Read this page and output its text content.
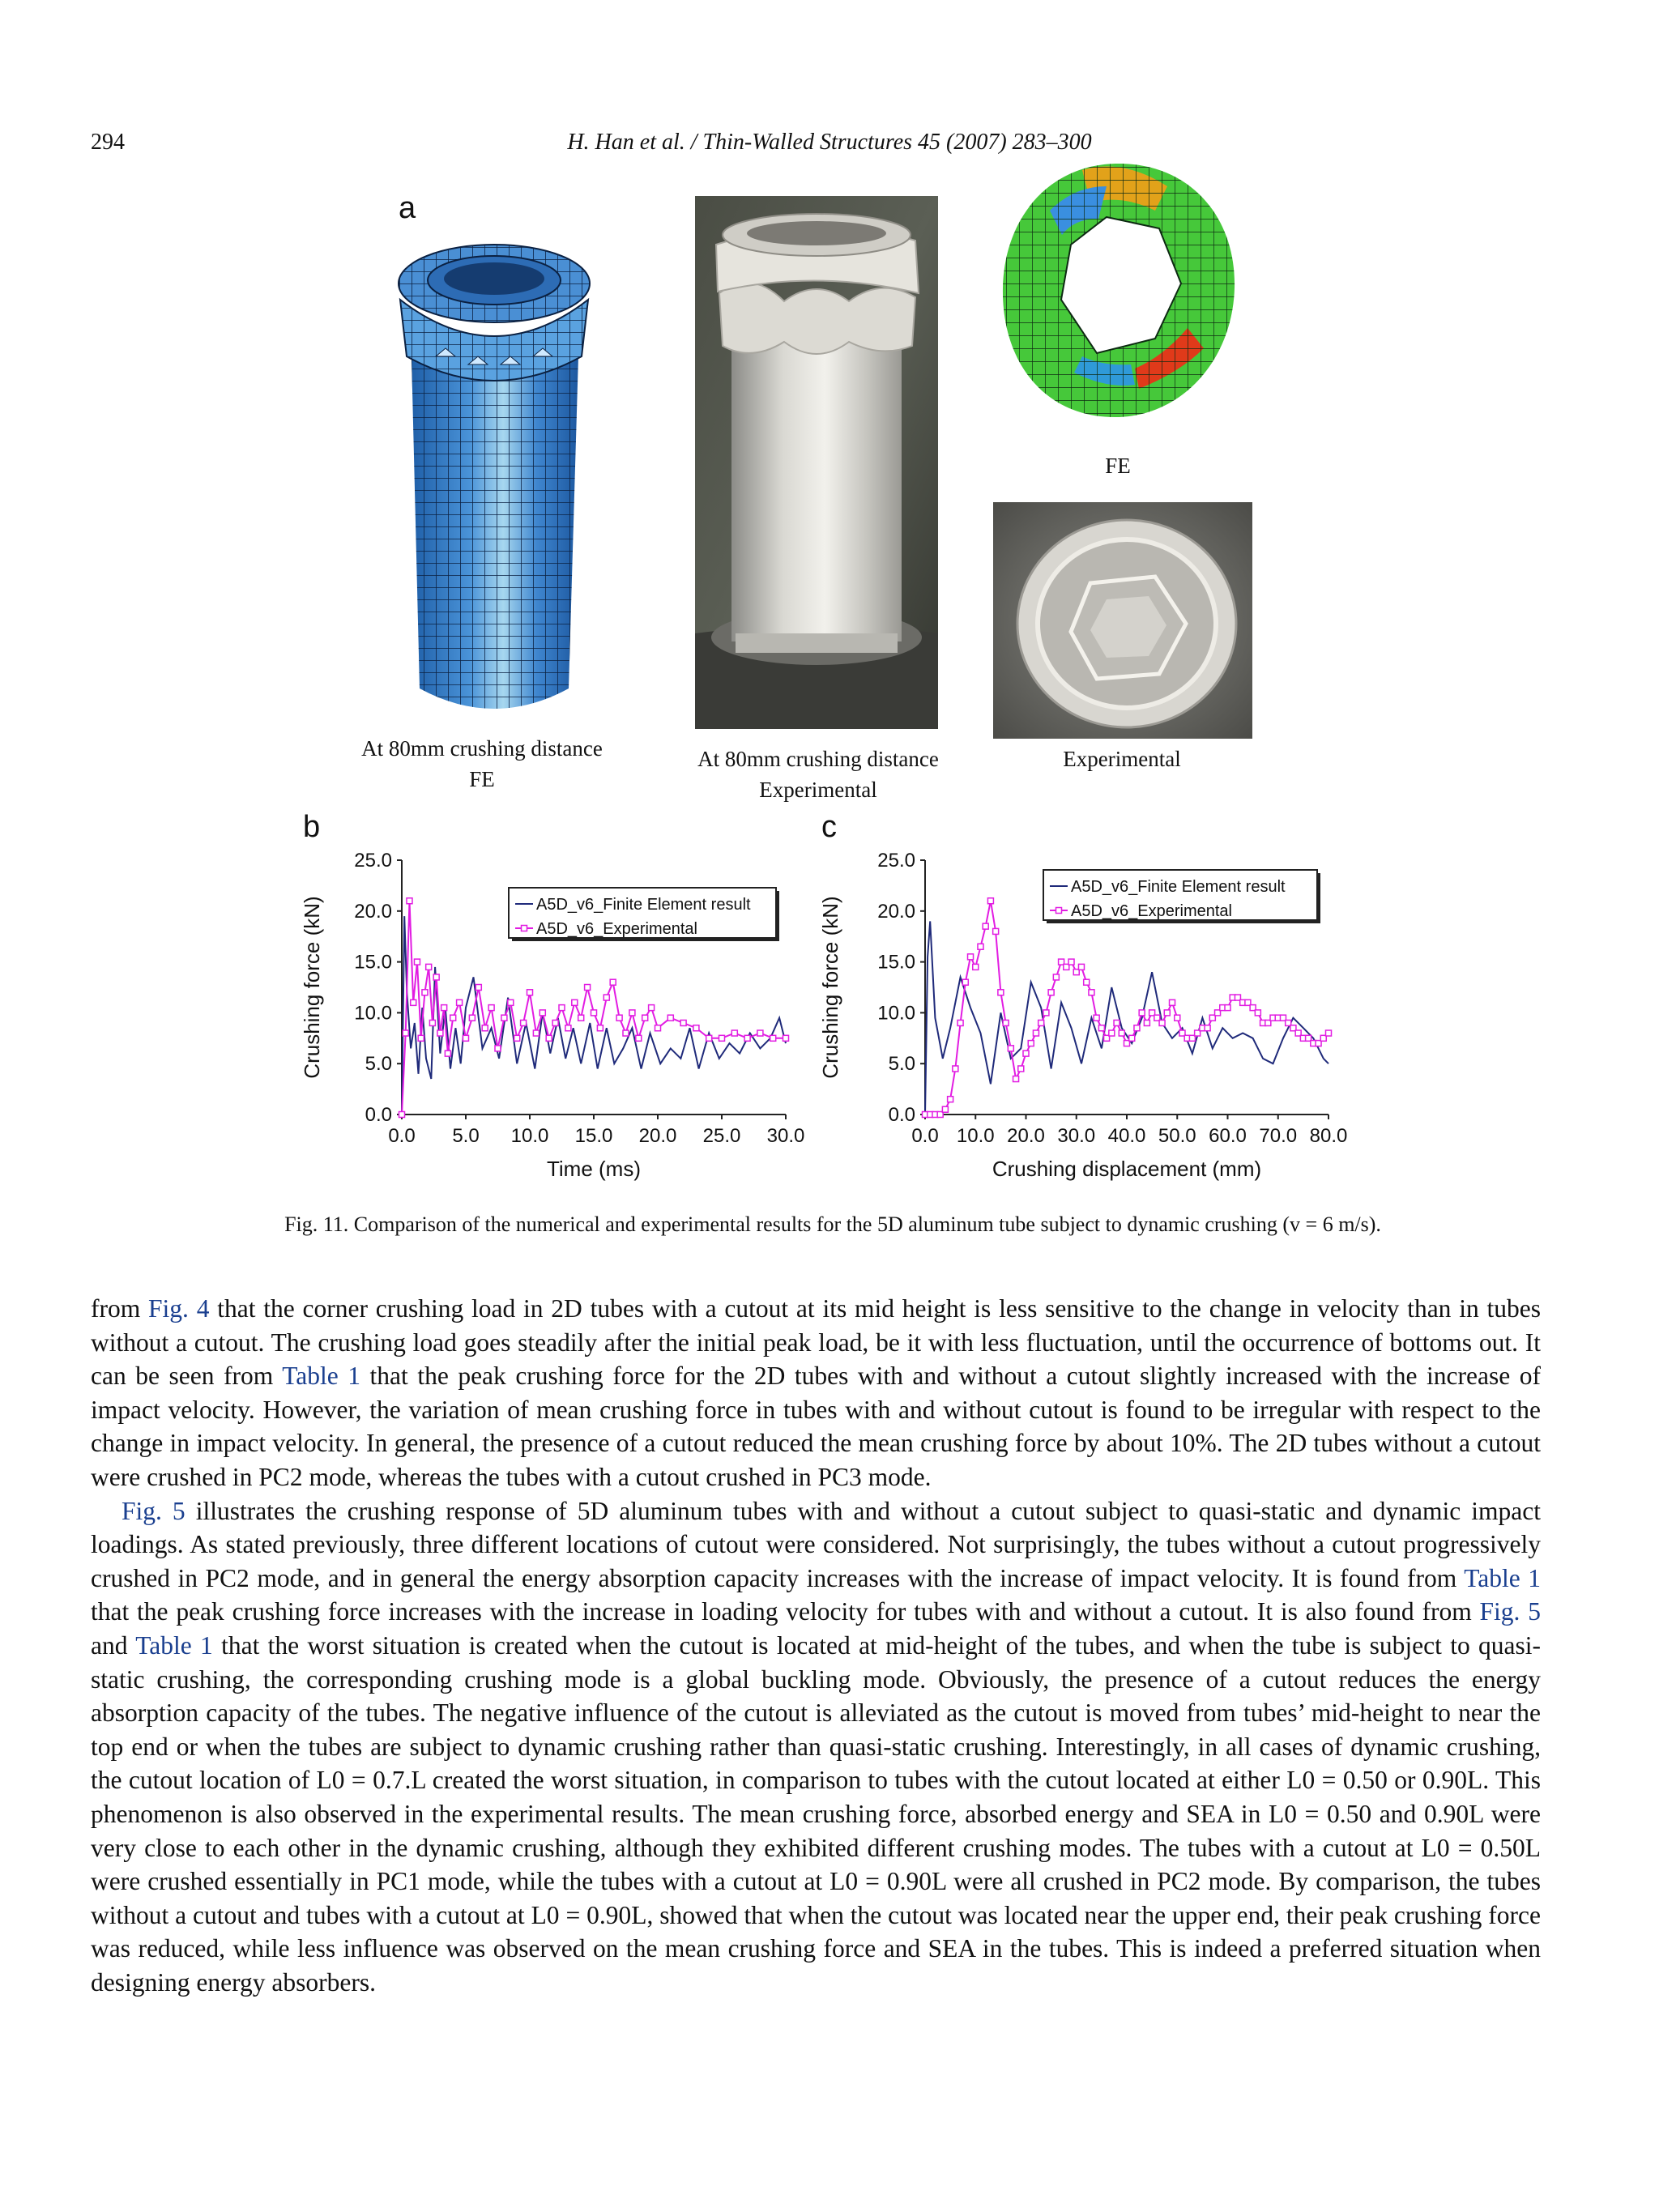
294	H. Han et al. / Thin-Walled Structures 45 (2007) 283–300
a
At 80mm crushing distance
FE
At 80mm crushing distance
Experimental
FE
Experimental
b	c
0.0
5.0
10.0
15.0
20.0
25.0
0.0 5.0 10.0 15.0 20.0 25.0 30.0
Time (ms)
Crushing force (kN)	A5D_v6_Finite Element result
A5D_v6_Experimental
0.0
5.0
10.0
15.0
20.0
25.0
0.0 10.0 20.0 30.0 40.0 50.0 60.0 70.0 80.0
Crushing displacement (mm)
Crushing force (kN)
A5D_v6_Finite Element result
A5D_v6_Experimental
Fig. 11. Comparison of the numerical and experimental results for the 5D aluminum tube subject to dynamic crushing (v = 6 m/s).

from Fig. 4 that the corner crushing load in 2D tubes with a cutout at its mid height is less sensitive to the change in velocity than in tubes without a cutout. The crushing load goes steadily after the initial peak load, be it with less fluctuation, until the occurrence of bottoms out. It can be seen from Table 1 that the peak crushing force for the 2D tubes with and without a cutout slightly increased with the increase of impact velocity. However, the variation of mean crushing force in tubes with and without cutout is found to be irregular with respect to the change in impact velocity. In general, the presence of a cutout reduced the mean crushing force by about 10%. The 2D tubes without a cutout were crushed in PC2 mode, whereas the tubes with a cutout crushed in PC3 mode.

Fig. 5 illustrates the crushing response of 5D aluminum tubes with and without a cutout subject to quasi-static and dynamic impact loadings. As stated previously, three different locations of cutout were considered. Not surprisingly, the tubes without a cutout progressively crushed in PC2 mode, and in general the energy absorption capacity increases with the increase of impact velocity. It is found from Table 1 that the peak crushing force increases with the increase in loading velocity for tubes with and without a cutout. It is also found from Fig. 5 and Table 1 that the worst situation is created when the cutout is located at mid-height of the tubes, and when the tube is subject to quasi-static crushing, the corresponding crushing mode is a global buckling mode. Obviously, the presence of a cutout reduces the energy absorption capacity of the tubes. The negative influence of the cutout is alleviated as the cutout is moved from tubes’ mid-height to near the top end or when the tubes are subject to dynamic crushing rather than quasi-static crushing. Interestingly, in all cases of dynamic crushing, the cutout location of L0 = 0.7.L created the worst situation, in comparison to tubes with the cutout located at either L0 = 0.50 or 0.90L. This phenomenon is also observed in the experimental results. The mean crushing force, absorbed energy and SEA in L0 = 0.50 and 0.90L were very close to each other in the dynamic crushing, although they exhibited different crushing modes. The tubes with a cutout at L0 = 0.50L were crushed essentially in PC1 mode, while the tubes with a cutout at L0 = 0.90L were all crushed in PC2 mode. By comparison, the tubes without a cutout and tubes with a cutout at L0 = 0.90L, showed that when the cutout was located near the upper end, their peak crushing force was reduced, while less influence was observed on the mean crushing force and SEA in the tubes. This is indeed a preferred situation when designing energy absorbers.
